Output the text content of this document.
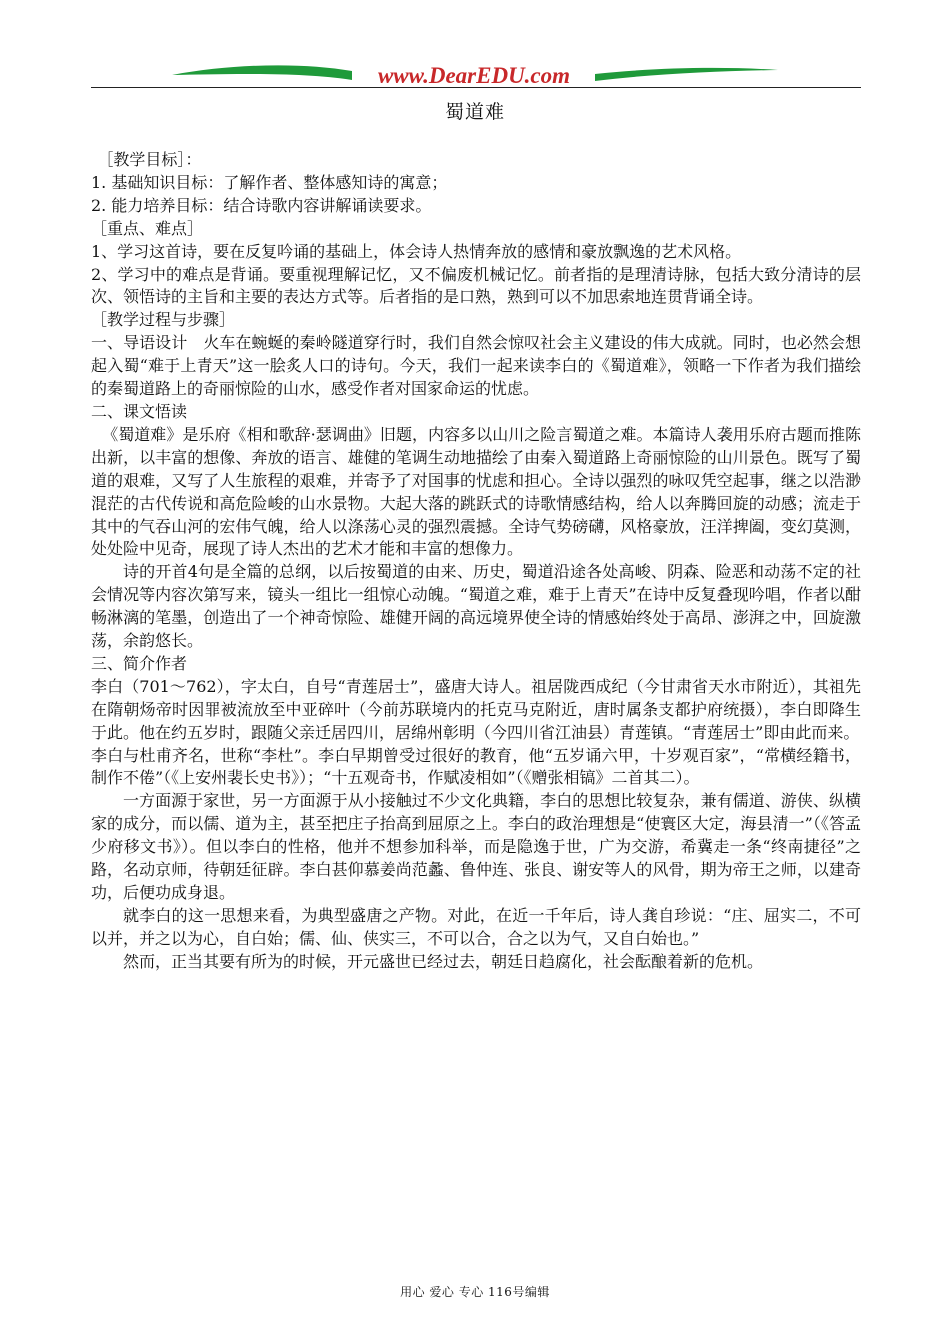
www.DearEDU.com
蜀道难

［教学目标］：

1. 基础知识目标：了解作者、整体感知诗的寓意；

2. 能力培养目标：结合诗歌内容讲解诵读要求。

［重点、难点］

1、学习这首诗，要在反复吟诵的基础上，体会诗人热情奔放的感情和豪放飘逸的艺术风格。

2、学习中的难点是背诵。要重视理解记忆，又不偏废机械记忆。前者指的是理清诗脉，包括大致分清诗的层次、领悟诗的主旨和主要的表达方式等。后者指的是口熟，熟到可以不加思索地连贯背诵全诗。

［教学过程与步骤］

一、导语设计　火车在蜿蜒的秦岭隧道穿行时，我们自然会惊叹社会主义建设的伟大成就。同时，也必然会想起入蜀“难于上青天”这一脍炙人口的诗句。今天，我们一起来读李白的《蜀道难》，领略一下作者为我们描绘的秦蜀道路上的奇丽惊险的山水，感受作者对国家命运的忧虑。

二、课文悟读

《蜀道难》是乐府《相和歌辞·瑟调曲》旧题，内容多以山川之险言蜀道之难。本篇诗人袭用乐府古题而推陈出新，以丰富的想像、奔放的语言、雄健的笔调生动地描绘了由秦入蜀道路上奇丽惊险的山川景色。既写了蜀道的艰难，又写了人生旅程的艰难，并寄予了对国事的忧虑和担心。全诗以强烈的咏叹凭空起事，继之以浩渺混茫的古代传说和高危险峻的山水景物。大起大落的跳跃式的诗歌情感结构，给人以奔腾回旋的动感；流走于其中的气吞山河的宏伟气魄，给人以涤荡心灵的强烈震撼。全诗气势磅礴，风格豪放，汪洋捭阖，变幻莫测，处处险中见奇，展现了诗人杰出的艺术才能和丰富的想像力。

诗的开首4句是全篇的总纲，以后按蜀道的由来、历史，蜀道沿途各处高峻、阴森、险恶和动荡不定的社会情况等内容次第写来，镜头一组比一组惊心动魄。“蜀道之难，难于上青天”在诗中反复叠现吟唱，作者以酣畅淋漓的笔墨，创造出了一个神奇惊险、雄健开阔的高远境界使全诗的情感始终处于高昂、澎湃之中，回旋激荡，余韵悠长。

三、简介作者

李白（701～762），字太白，自号“青莲居士”，盛唐大诗人。祖居陇西成纪（今甘肃省天水市附近），其祖先在隋朝炀帝时因罪被流放至中亚碎叶（今前苏联境内的托克马克附近，唐时属条支都护府统摄），李白即降生于此。他在约五岁时，跟随父亲迁居四川，居绵州彰明（今四川省江油县）青莲镇。“青莲居士”即由此而来。

李白与杜甫齐名，世称“李杜”。李白早期曾受过很好的教育，他“五岁诵六甲，十岁观百家”，“常横经籍书，制作不倦”（《上安州裴长史书》）；“十五观奇书，作赋凌相如”（《赠张相镐》二首其二）。

一方面源于家世，另一方面源于从小接触过不少文化典籍，李白的思想比较复杂，兼有儒道、游侠、纵横家的成分，而以儒、道为主，甚至把庄子抬高到屈原之上。李白的政治理想是“使寰区大定，海县清一”（《答孟少府移文书》）。但以李白的性格，他并不想参加科举，而是隐逸于世，广为交游，希冀走一条“终南捷径”之路，名动京师，待朝廷征辟。李白甚仰慕姜尚范蠡、鲁仲连、张良、谢安等人的风骨，期为帝王之师，以建奇功，后便功成身退。

就李白的这一思想来看，为典型盛唐之产物。对此，在近一千年后，诗人龚自珍说：“庄、屈实二，不可以并，并之以为心，自白始；儒、仙、侠实三，不可以合，合之以为气，又自白始也。”

然而，正当其要有所为的时候，开元盛世已经过去，朝廷日趋腐化，社会酝酿着新的危机。

用心 爱心 专心 116号编辑
